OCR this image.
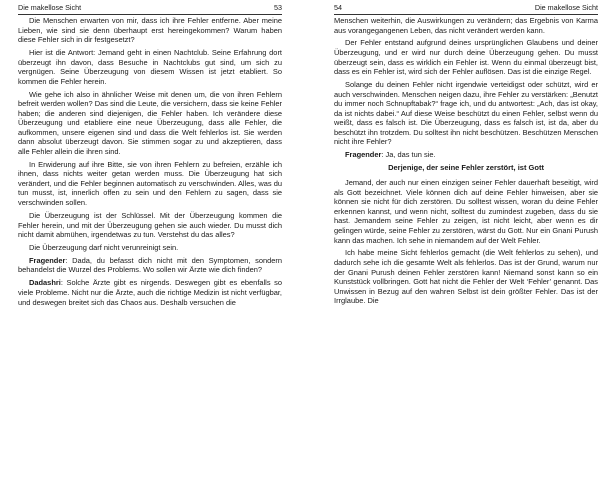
Die makellose Sicht	53

Die Menschen erwarten von mir, dass ich ihre Fehler entferne. Aber meine Lieben, wie sind sie denn überhaupt erst hereingekommen? Warum haben diese Fehler sich in dir festgesetzt?

Hier ist die Antwort: Jemand geht in einen Nachtclub. Seine Erfahrung dort überzeugt ihn davon, dass Besuche in Nachtclubs gut sind, um sich zu vergnügen. Seine Überzeugung von diesem Wissen ist jetzt etabliert. So kommen die Fehler herein.

Wie gehe ich also in ähnlicher Weise mit denen um, die von ihren Fehlern befreit werden wollen? Das sind die Leute, die versichern, dass sie keine Fehler haben; die anderen sind diejenigen, die Fehler haben. Ich verändere diese Überzeugung und etabliere eine neue Überzeugung, dass alle Fehler, die aufkommen, unsere eigenen sind und dass die Welt fehlerlos ist. Sie werden dann absolut überzeugt davon. Sie stimmen sogar zu und akzeptieren, dass alle Fehler allein die ihren sind.

In Erwiderung auf ihre Bitte, sie von ihren Fehlern zu befreien, erzähle ich ihnen, dass nichts weiter getan werden muss. Die Überzeugung hat sich verändert, und die Fehler beginnen automatisch zu verschwinden. Alles, was du tun musst, ist, innerlich offen zu sein und den Fehlern zu sagen, dass sie verschwinden sollen.

Die Überzeugung ist der Schlüssel. Mit der Überzeugung kommen die Fehler herein, und mit der Überzeugung gehen sie auch wieder. Du musst dich nicht damit abmühen, irgendetwas zu tun. Verstehst du das alles?

Die Überzeugung darf nicht verunreinigt sein.

Fragender: Dada, du befasst dich nicht mit den Symptomen, sondern behandelst die Wurzel des Problems. Wo sollen wir Ärzte wie dich finden?

Dadashri: Solche Ärzte gibt es nirgends. Deswegen gibt es ebenfalls so viele Probleme. Nicht nur die Ärzte, auch die richtige Medizin ist nicht verfügbar, und deswegen breitet sich das Chaos aus. Deshalb versuchen die

54	Die makellose Sicht

Menschen weiterhin, die Auswirkungen zu verändern; das Ergebnis von Karma aus vorangegangenen Leben, das nicht verändert werden kann.

Der Fehler entstand aufgrund deines ursprünglichen Glaubens und deiner Überzeugung, und er wird nur durch deine Überzeugung gehen. Du musst überzeugt sein, dass es wirklich ein Fehler ist. Wenn du einmal überzeugt bist, dass es ein Fehler ist, wird sich der Fehler auflösen. Das ist die einzige Regel.

Solange du deinen Fehler nicht irgendwie verteidigst oder schützt, wird er auch verschwinden. Menschen neigen dazu, ihre Fehler zu verstärken: „Benutzt du immer noch Schnupftabak?“ frage ich, und du antwortest: „Ach, das ist okay, da ist nichts dabei.“ Auf diese Weise beschützt du einen Fehler, selbst wenn du weißt, dass es falsch ist. Die Überzeugung, dass es falsch ist, ist da, aber du beschützt ihn trotzdem. Du solltest ihn nicht beschützen. Beschützen Menschen nicht ihre Fehler?

Fragender: Ja, das tun sie.

Derjenige, der seine Fehler zerstört, ist Gott

Jemand, der auch nur einen einzigen seiner Fehler dauerhaft beseitigt, wird als Gott bezeichnet. Viele können dich auf deine Fehler hinweisen, aber sie können sie nicht für dich zerstören. Du solltest wissen, woran du deine Fehler erkennen kannst, und wenn nicht, solltest du zumindest zugeben, dass du sie hast. Jemandem seine Fehler zu zeigen, ist nicht leicht, aber wenn es dir gelingen würde, seine Fehler zu zerstören, wärst du Gott. Nur ein Gnani Purush kann das machen. Ich sehe in niemandem auf der Welt Fehler.

Ich habe meine Sicht fehlerlos gemacht (die Welt fehlerlos zu sehen), und dadurch sehe ich die gesamte Welt als fehlerlos. Das ist der Grund, warum nur der Gnani Purush deinen Fehler zerstören kann! Niemand sonst kann so ein Kunststück vollbringen. Gott hat nicht die Fehler der Welt ‘Fehler’ genannt. Das Unwissen in Bezug auf den wahren Selbst ist dein größter Fehler. Das ist der Irrglaube. Die
